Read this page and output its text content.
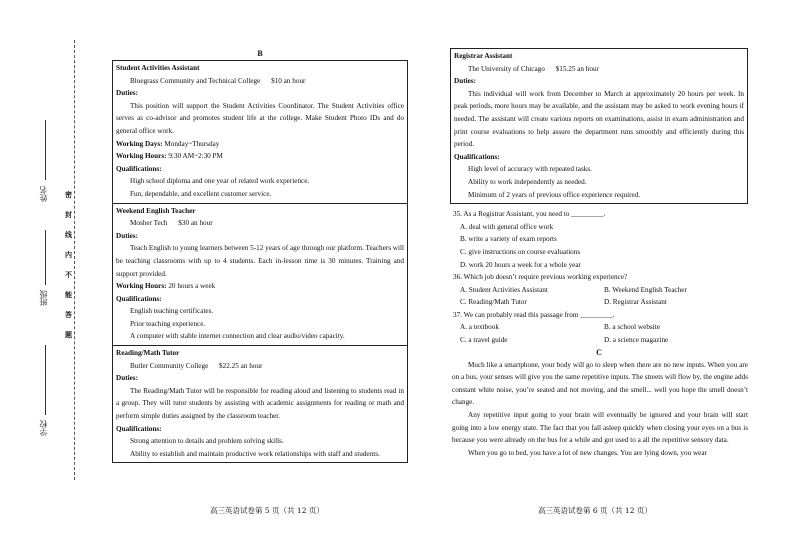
姓名
班级
学校
密
封
线
内
不
能
答
题
B
Student Activities Assistant
Bluegrass Community and Technical College $10 an hour
Duties:

This position will support the Student Activities Coordinator. The Student Activities office serves as co-advisor and promotes student life at the college. Make Student Photo IDs and do general office work.

Working Days: Monday~Thursday
Working Hours: 9:30 AM~2:30 PM
Qualifications:
High school diploma and one year of related work experience.
Fun, dependable, and excellent customer service.
Weekend English Teacher
Mosher Tech $30 an hour
Duties:

Teach English to young learners between 5-12 years of age through our platform. Teachers will be teaching classrooms with up to 4 students. Each in-lesson time is 30 minutes. Training and support provided.

Working Hours: 20 hours a week
Qualifications:
English teaching certificates.
Prior teaching experience.
A computer with stable internet connection and clear audio/video capacity.
Reading/Math Tutor
Butler Community College $22.25 an hour
Duties:

The Reading/Math Tutor will be responsible for reading aloud and listening to students read in a group. They will tutor students by assisting with academic assignments for reading or math and perform simple duties assigned by the classroom teacher.

Qualifications:
Strong attention to details and problem solving skills.

Ability to establish and maintain productive work relationships with staff and students.

Registrar Assistant
The University of Chicago $15.25 an hour
Duties:

This individual will work from December to March at approximately 20 hours per week. In peak periods, more hours may be available, and the assistant may be asked to work evening hours if needed. The assistant will create various reports on examinations, assist in exam administration and print course evaluations to help assure the department runs smoothly and efficiently during this period.

Qualifications:
High level of accuracy with repeated tasks.
Ability to work independently as needed.
Minimum of 2 years of previous office experience required.
35. As a Registrar Assistant, you need to _________.
A. deal with general office work
B. write a variety of exam reports
C. give instructions on course evaluations
D. work 20 hours a week for a whole year
36. Which job doesn’t require previous working experience?
A. Student Activities Assistant	B. Weekend English Teacher
C. Reading/Math Tutor	D. Registrar Assistant
37. We can probably read this passage from _________.
A. a textbook	B. a school website
C. a travel guide	D. a science magazine
C

Much like a smartphone, your body will go to sleep when there are no new inputs. When you are on a bus, your senses will give you the same repetitive inputs. The streets will flow by, the engine adds constant white noise, you’re seated and not moving, and the smell... well you hope the smell doesn’t change.

Any repetitive input going to your brain will eventually be ignored and your brain will start going into a low energy state. The fact that you fall asleep quickly when closing your eyes on a bus is because you were already on the bus for a while and got used to a all the repetitive sensory data.

When you go to bed, you have a lot of new changes. You are lying down, you wear

高三英语试卷第 5 页（共 12 页）	高三英语试卷第 6 页（共 12 页）
